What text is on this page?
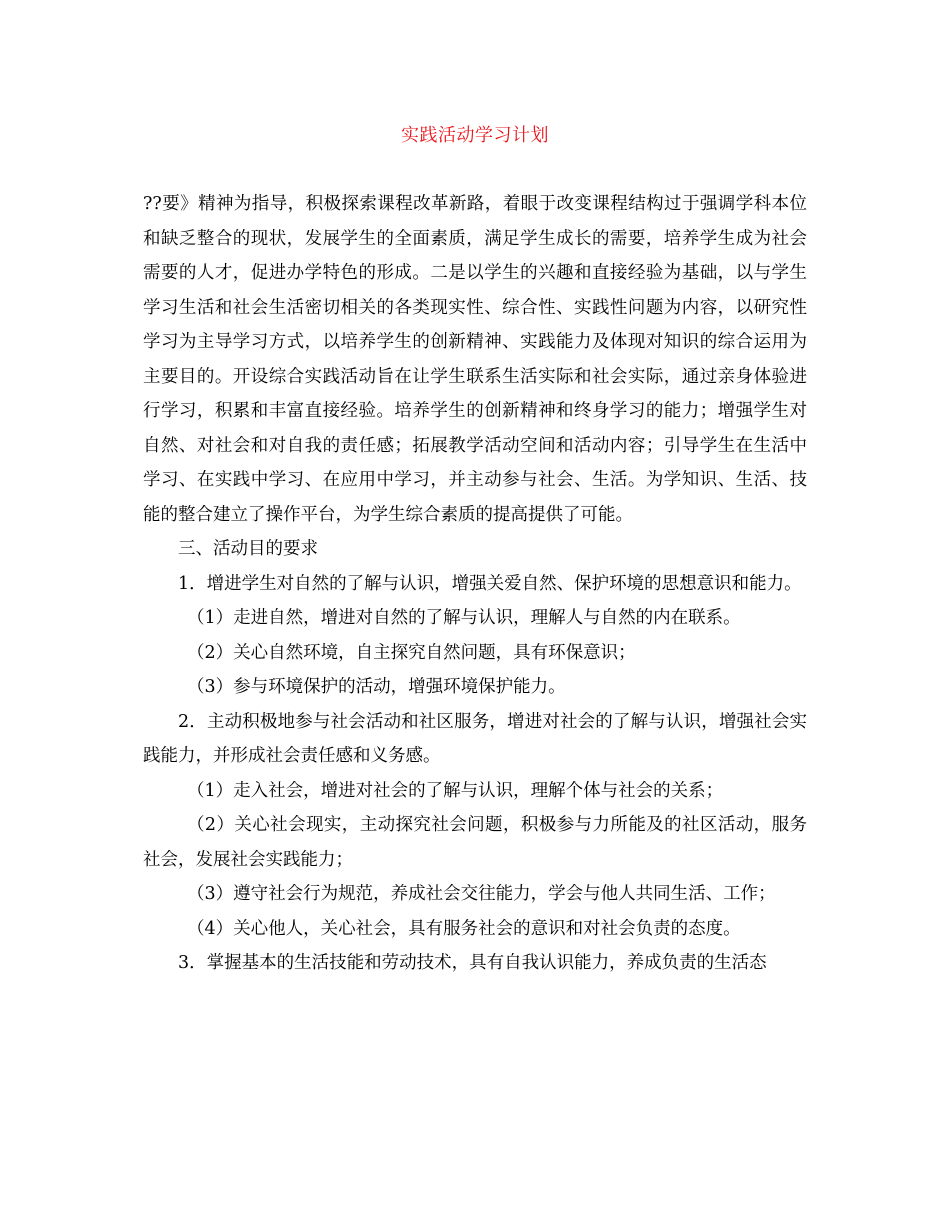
实践活动学习计划

??要》精神为指导，积极探索课程改革新路，着眼于改变课程结构过于强调学科本位和缺乏整合的现状，发展学生的全面素质，满足学生成长的需要，培养学生成为社会需要的人才，促进办学特色的形成。二是以学生的兴趣和直接经验为基础，以与学生学习生活和社会生活密切相关的各类现实性、综合性、实践性问题为内容，以研究性学习为主导学习方式，以培养学生的创新精神、实践能力及体现对知识的综合运用为主要目的。开设综合实践活动旨在让学生联系生活实际和社会实际，通过亲身体验进行学习，积累和丰富直接经验。培养学生的创新精神和终身学习的能力；增强学生对自然、对社会和对自我的责任感；拓展教学活动空间和活动内容；引导学生在生活中学习、在实践中学习、在应用中学习，并主动参与社会、生活。为学知识、生活、技能的整合建立了操作平台，为学生综合素质的提高提供了可能。

三、活动目的要求

1．增进学生对自然的了解与认识，增强关爱自然、保护环境的思想意识和能力。

（1）走进自然，增进对自然的了解与认识，理解人与自然的内在联系。

（2）关心自然环境，自主探究自然问题，具有环保意识；

（3）参与环境保护的活动，增强环境保护能力。

2．主动积极地参与社会活动和社区服务，增进对社会的了解与认识，增强社会实践能力，并形成社会责任感和义务感。

（1）走入社会，增进对社会的了解与认识，理解个体与社会的关系；

（2）关心社会现实，主动探究社会问题，积极参与力所能及的社区活动，服务社会，发展社会实践能力；

（3）遵守社会行为规范，养成社会交往能力，学会与他人共同生活、工作；

（4）关心他人，关心社会，具有服务社会的意识和对社会负责的态度。

3．掌握基本的生活技能和劳动技术，具有自我认识能力，养成负责的生活态
